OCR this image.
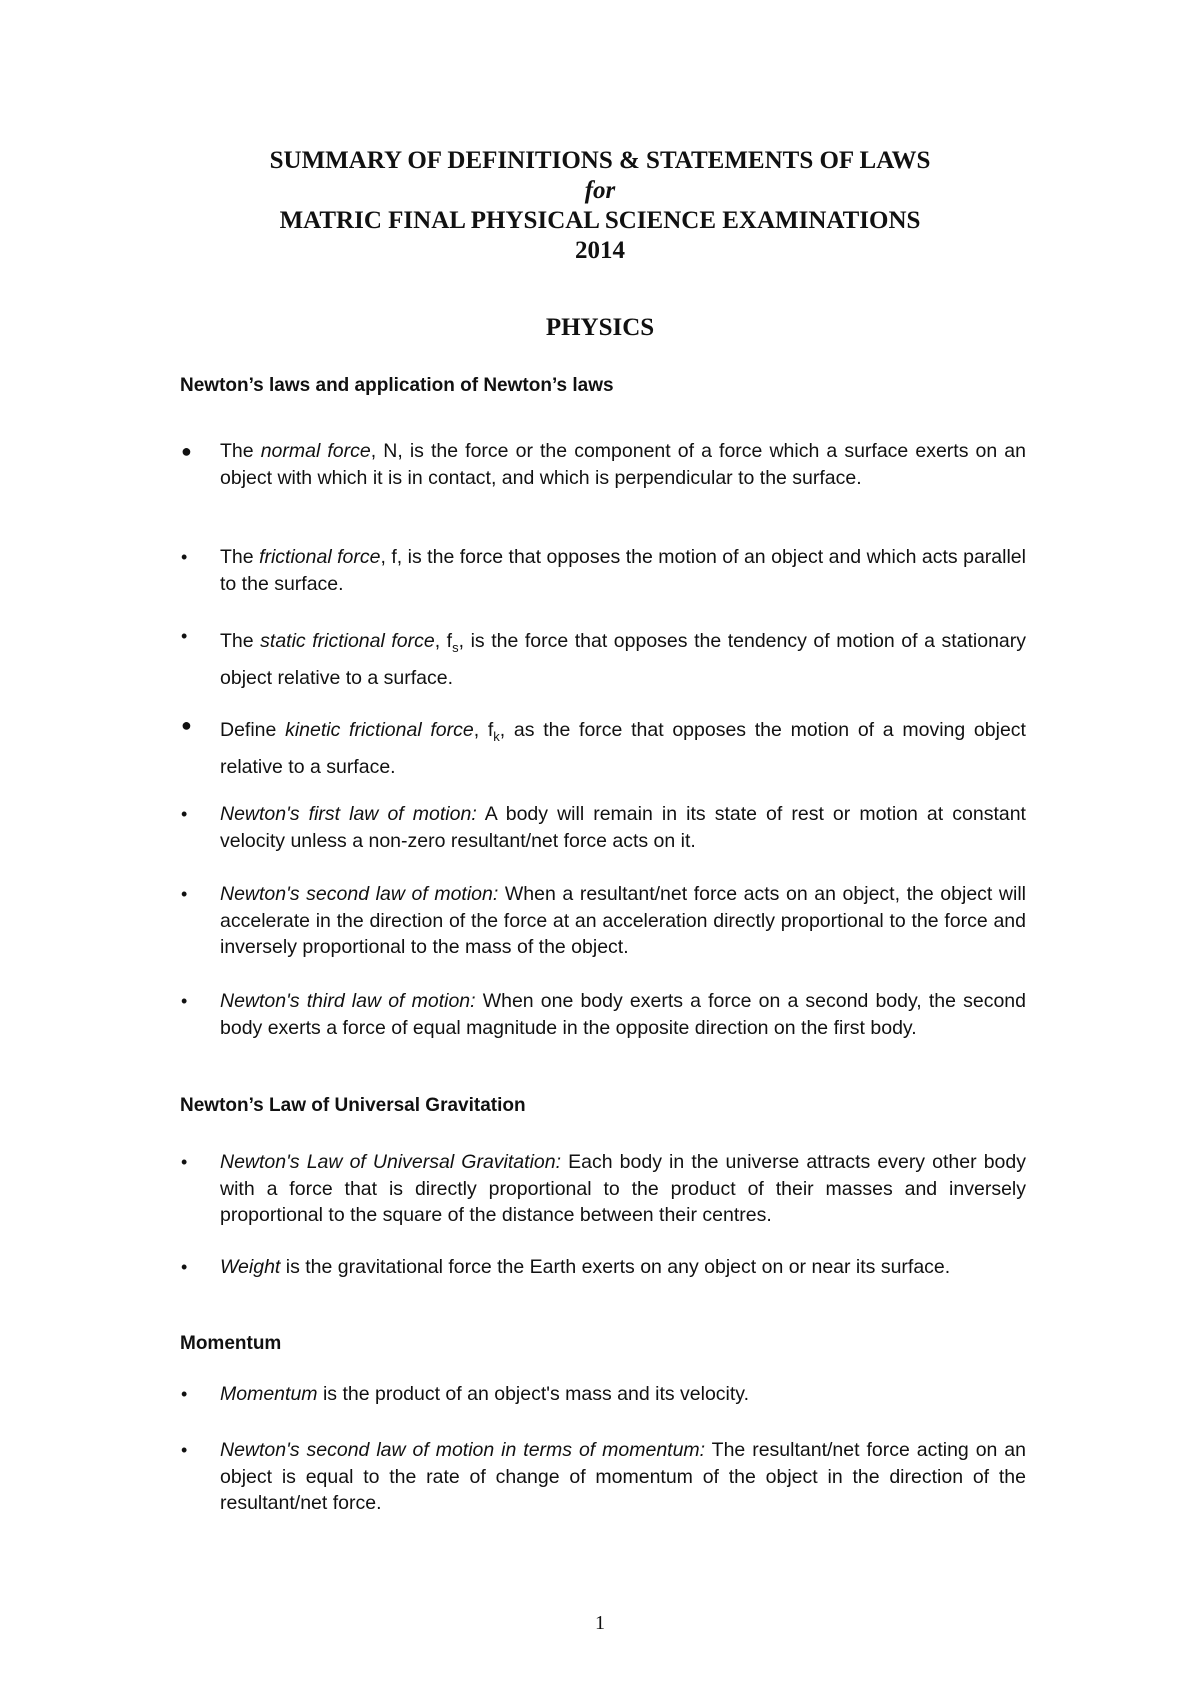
SUMMARY OF DEFINITIONS & STATEMENTS OF LAWS
for
MATRIC FINAL PHYSICAL SCIENCE EXAMINATIONS
2014
PHYSICS
Newton’s laws and application of Newton’s laws
● The normal force, N, is the force or the component of a force which a surface exerts on an object with which it is in contact, and which is perpendicular to the surface.
• The frictional force, f, is the force that opposes the motion of an object and which acts parallel to the surface.
• The static frictional force, $f_s$, is the force that opposes the tendency of motion of a stationary object relative to a surface.
● Define kinetic frictional force, $f_k$, as the force that opposes the motion of a moving object relative to a surface.
• Newton's first law of motion: A body will remain in its state of rest or motion at constant velocity unless a non-zero resultant/net force acts on it.
• Newton's second law of motion: When a resultant/net force acts on an object, the object will accelerate in the direction of the force at an acceleration directly proportional to the force and inversely proportional to the mass of the object.
• Newton's third law of motion: When one body exerts a force on a second body, the second body exerts a force of equal magnitude in the opposite direction on the first body.
Newton’s Law of Universal Gravitation
• Newton's Law of Universal Gravitation: Each body in the universe attracts every other body with a force that is directly proportional to the product of their masses and inversely proportional to the square of the distance between their centres.
• Weight is the gravitational force the Earth exerts on any object on or near its surface.
Momentum
• Momentum is the product of an object's mass and its velocity.
• Newton's second law of motion in terms of momentum: The resultant/net force acting on an object is equal to the rate of change of momentum of the object in the direction of the resultant/net force.
1
